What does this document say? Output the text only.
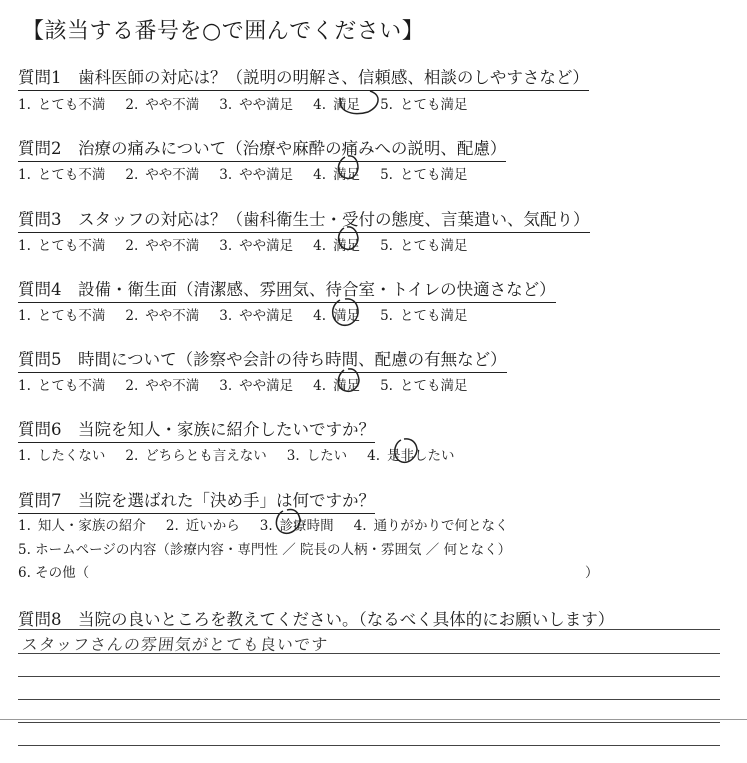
【該当する番号を○で囲んでください】
質問1　歯科医師の対応は？（説明の明解さ、信頼感、相談のしやすさなど）
1. とても不満 2. やや不満 3. やや満足 4. 満足 5. とても満足
質問2　治療の痛みについて（治療や麻酔の痛みへの説明、配慮）
1. とても不満 2. やや不満 3. やや満足 4. 満足 5. とても満足
質問3　スタッフの対応は？（歯科衛生士・受付の態度、言葉遣い、気配り）
1. とても不満 2. やや不満 3. やや満足 4. 満足 5. とても満足
質問4　設備・衛生面（清潔感、雰囲気、待合室・トイレの快適さなど）
1. とても不満 2. やや不満 3. やや満足 4. 満足 5. とても満足
質問5　時間について（診察や会計の待ち時間、配慮の有無など）
1. とても不満 2. やや不満 3. やや満足 4. 満足 5. とても満足
質問6　当院を知人・家族に紹介したいですか？
1. したくない 2. どちらとも言えない 3. したい 4. 是非したい
質問7　当院を選ばれた「決め手」は何ですか？
1. 知人・家族の紹介 2. 近いから 3. 診療時間 4. 通りがかりで何となく
5. ホームページの内容（診療内容・専門性 ／ 院長の人柄・雰囲気 ／ 何となく）
6. その他（	）
質問8　当院の良いところを教えてください。（なるべく具体的にお願いします）
スタッフさんの雰囲気がとても良いです
